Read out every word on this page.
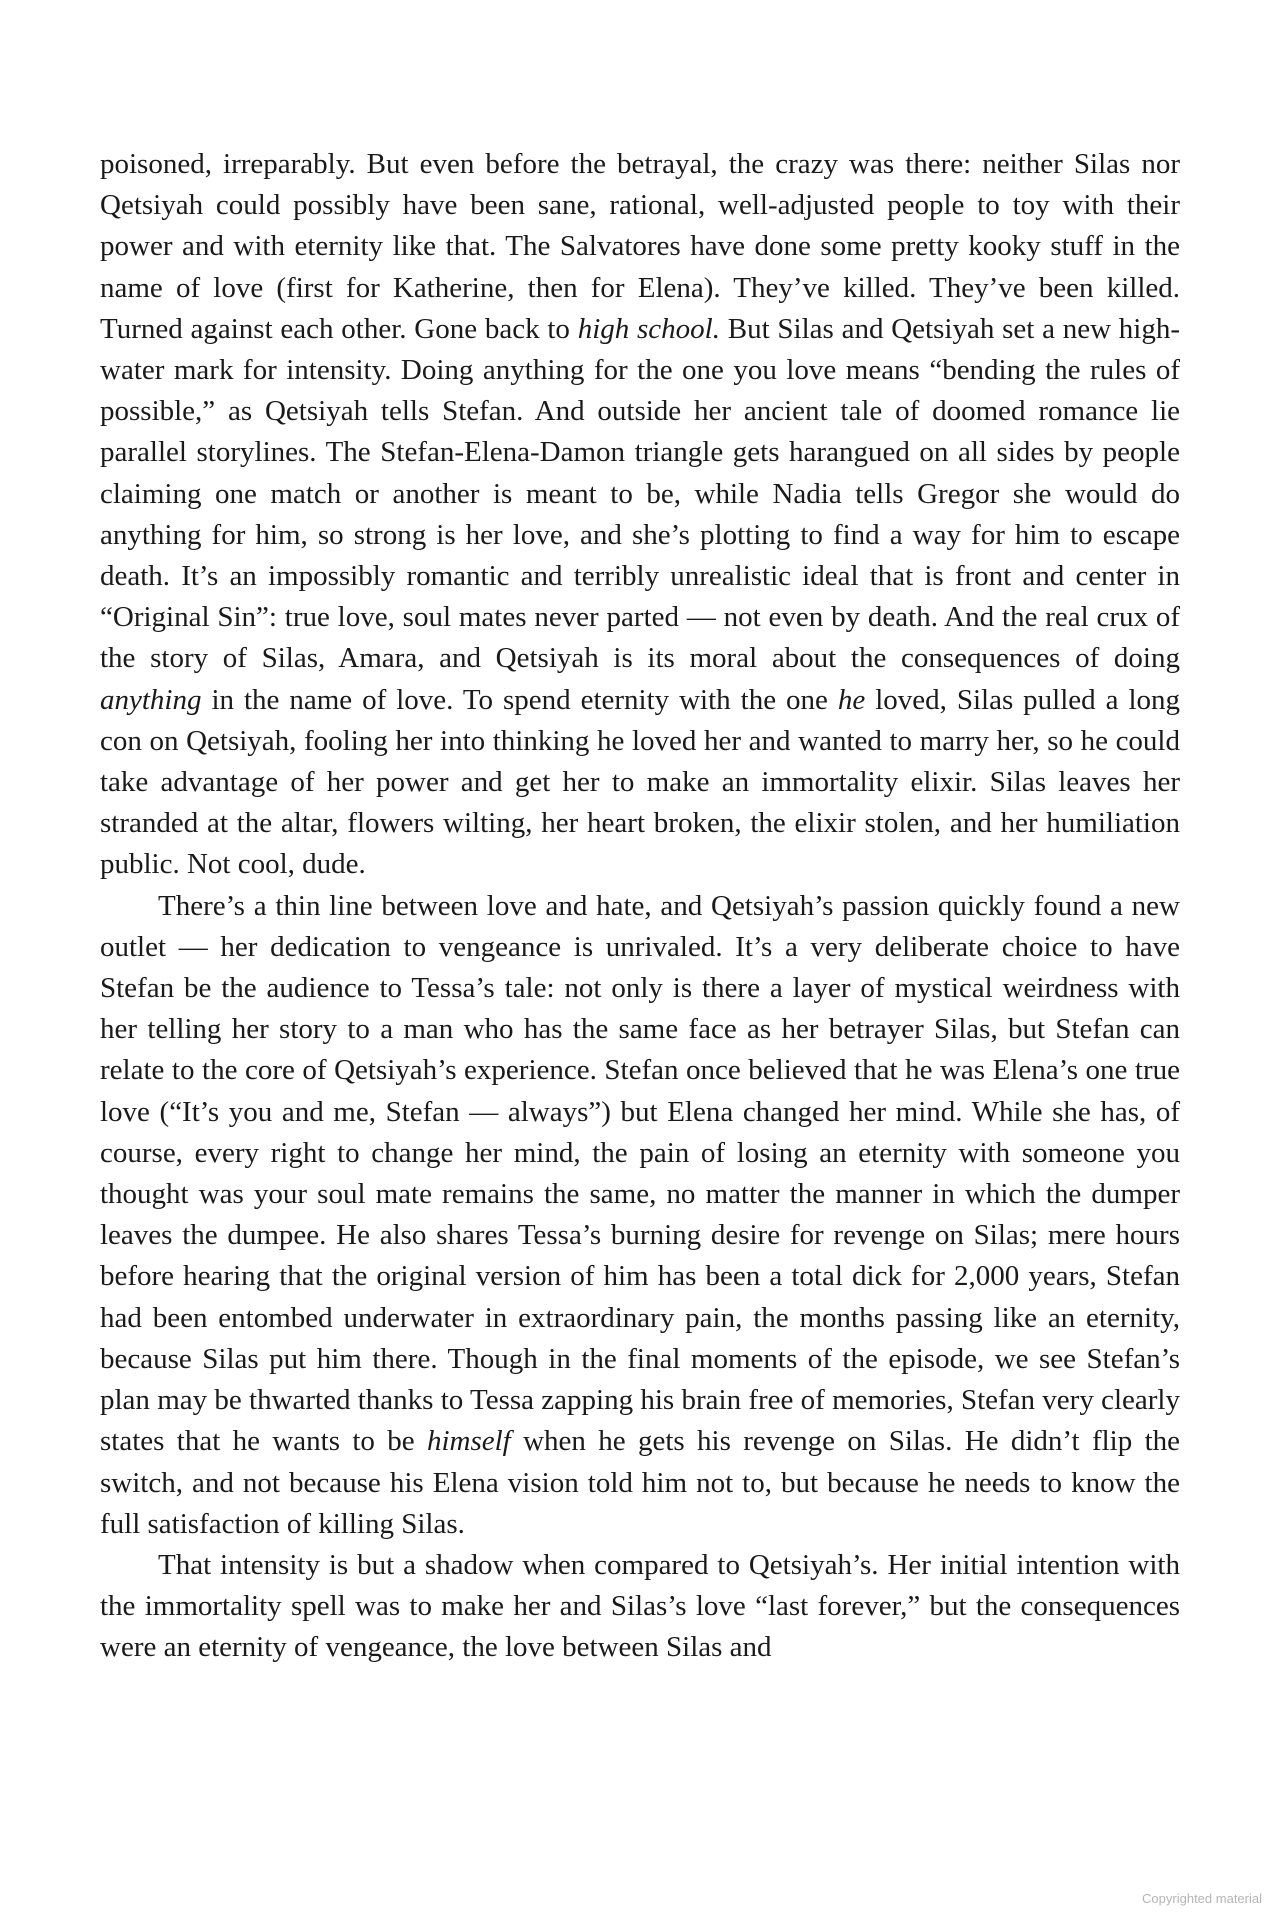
poisoned, irreparably. But even before the betrayal, the crazy was there: neither Silas nor Qetsiyah could possibly have been sane, rational, well-adjusted people to toy with their power and with eternity like that. The Salvatores have done some pretty kooky stuff in the name of love (first for Katherine, then for Elena). They’ve killed. They’ve been killed. Turned against each other. Gone back to high school. But Silas and Qetsiyah set a new high-water mark for intensity. Doing anything for the one you love means “bending the rules of possible,” as Qetsiyah tells Stefan. And outside her ancient tale of doomed romance lie parallel storylines. The Stefan-Elena-Damon triangle gets harangued on all sides by people claiming one match or another is meant to be, while Nadia tells Gregor she would do anything for him, so strong is her love, and she’s plotting to find a way for him to escape death. It’s an impossibly romantic and terribly unrealistic ideal that is front and center in “Original Sin”: true love, soul mates never parted — not even by death. And the real crux of the story of Silas, Amara, and Qetsiyah is its moral about the consequences of doing anything in the name of love. To spend eternity with the one he loved, Silas pulled a long con on Qetsiyah, fooling her into thinking he loved her and wanted to marry her, so he could take advantage of her power and get her to make an immortality elixir. Silas leaves her stranded at the altar, flowers wilting, her heart broken, the elixir stolen, and her humiliation public. Not cool, dude.

There’s a thin line between love and hate, and Qetsiyah’s passion quickly found a new outlet — her dedication to vengeance is unrivaled. It’s a very deliberate choice to have Stefan be the audience to Tessa’s tale: not only is there a layer of mystical weirdness with her telling her story to a man who has the same face as her betrayer Silas, but Stefan can relate to the core of Qetsiyah’s experience. Stefan once believed that he was Elena’s one true love (“It’s you and me, Stefan — always”) but Elena changed her mind. While she has, of course, every right to change her mind, the pain of losing an eternity with someone you thought was your soul mate remains the same, no matter the manner in which the dumper leaves the dumpee. He also shares Tessa’s burning desire for revenge on Silas; mere hours before hearing that the original version of him has been a total dick for 2,000 years, Stefan had been entombed underwater in extraordinary pain, the months passing like an eternity, because Silas put him there. Though in the final moments of the episode, we see Stefan’s plan may be thwarted thanks to Tessa zapping his brain free of memories, Stefan very clearly states that he wants to be himself when he gets his revenge on Silas. He didn’t flip the switch, and not because his Elena vision told him not to, but because he needs to know the full satisfaction of killing Silas.

That intensity is but a shadow when compared to Qetsiyah’s. Her initial intention with the immortality spell was to make her and Silas’s love “last forever,” but the consequences were an eternity of vengeance, the love between Silas and

Copyrighted material
